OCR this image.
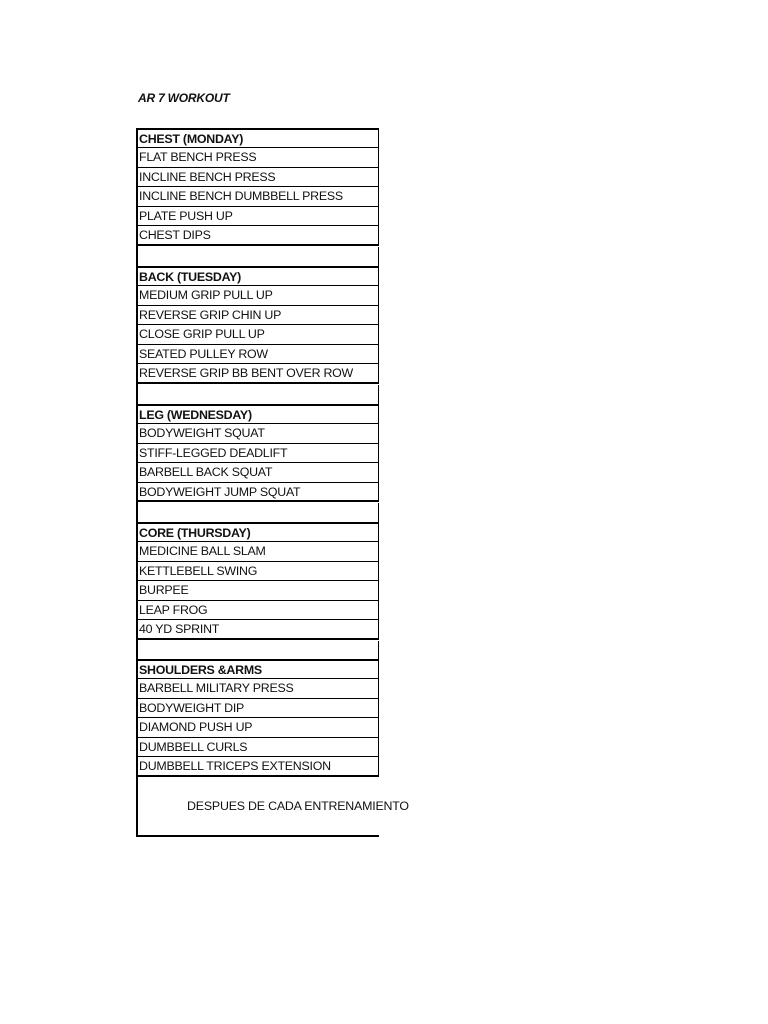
AR 7 WORKOUT
CHEST (MONDAY)
FLAT BENCH PRESS
INCLINE BENCH PRESS
INCLINE BENCH DUMBBELL PRESS
PLATE PUSH UP
CHEST DIPS
BACK (TUESDAY)
MEDIUM GRIP PULL UP
REVERSE GRIP CHIN UP
CLOSE GRIP PULL UP
SEATED PULLEY ROW
REVERSE GRIP BB BENT OVER ROW
LEG (WEDNESDAY)
BODYWEIGHT SQUAT
STIFF-LEGGED DEADLIFT
BARBELL BACK SQUAT
BODYWEIGHT JUMP SQUAT
CORE (THURSDAY)
MEDICINE BALL SLAM
KETTLEBELL SWING
BURPEE
LEAP FROG
40 YD SPRINT
SHOULDERS &ARMS
BARBELL MILITARY PRESS
BODYWEIGHT DIP
DIAMOND PUSH UP
DUMBBELL CURLS
DUMBBELL TRICEPS EXTENSION
DESPUES DE CADA ENTRENAMIENTO
